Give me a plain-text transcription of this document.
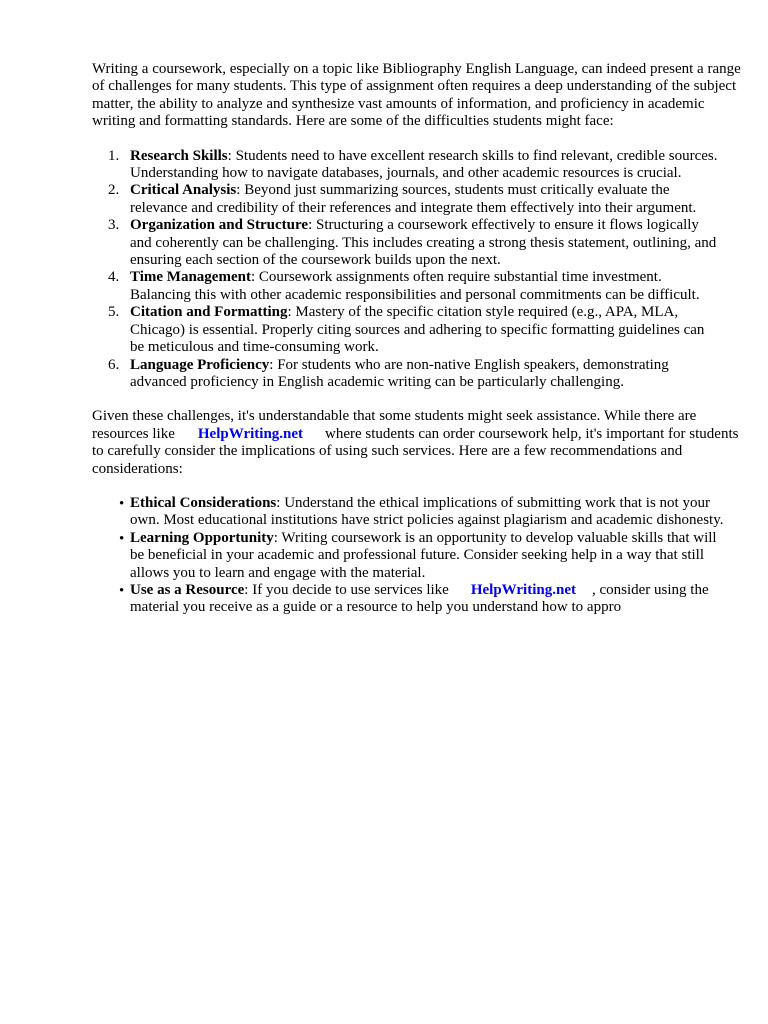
Writing a coursework, especially on a topic like Bibliography English Language, can indeed present a range of challenges for many students. This type of assignment often requires a deep understanding of the subject matter, the ability to analyze and synthesize vast amounts of information, and proficiency in academic writing and formatting standards. Here are some of the difficulties students might face:

1. Research Skills: Students need to have excellent research skills to find relevant, credible sources. Understanding how to navigate databases, journals, and other academic resources is crucial.
2. Critical Analysis: Beyond just summarizing sources, students must critically evaluate the relevance and credibility of their references and integrate them effectively into their argument.
3. Organization and Structure: Structuring a coursework effectively to ensure it flows logically and coherently can be challenging. This includes creating a strong thesis statement, outlining, and ensuring each section of the coursework builds upon the next.
4. Time Management: Coursework assignments often require substantial time investment. Balancing this with other academic responsibilities and personal commitments can be difficult.
5. Citation and Formatting: Mastery of the specific citation style required (e.g., APA, MLA, Chicago) is essential. Properly citing sources and adhering to specific formatting guidelines can be meticulous and time-consuming work.
6. Language Proficiency: For students who are non-native English speakers, demonstrating advanced proficiency in English academic writing can be particularly challenging.

Given these challenges, it's understandable that some students might seek assistance. While there are resources like HelpWriting.net where students can order coursework help, it's important for students to carefully consider the implications of using such services. Here are a few recommendations and considerations:

• Ethical Considerations: Understand the ethical implications of submitting work that is not your own. Most educational institutions have strict policies against plagiarism and academic dishonesty.
• Learning Opportunity: Writing coursework is an opportunity to develop valuable skills that will be beneficial in your academic and professional future. Consider seeking help in a way that still allows you to learn and engage with the material.
• Use as a Resource: If you decide to use services like HelpWriting.net , consider using the material you receive as a guide or a resource to help you understand how to appro
